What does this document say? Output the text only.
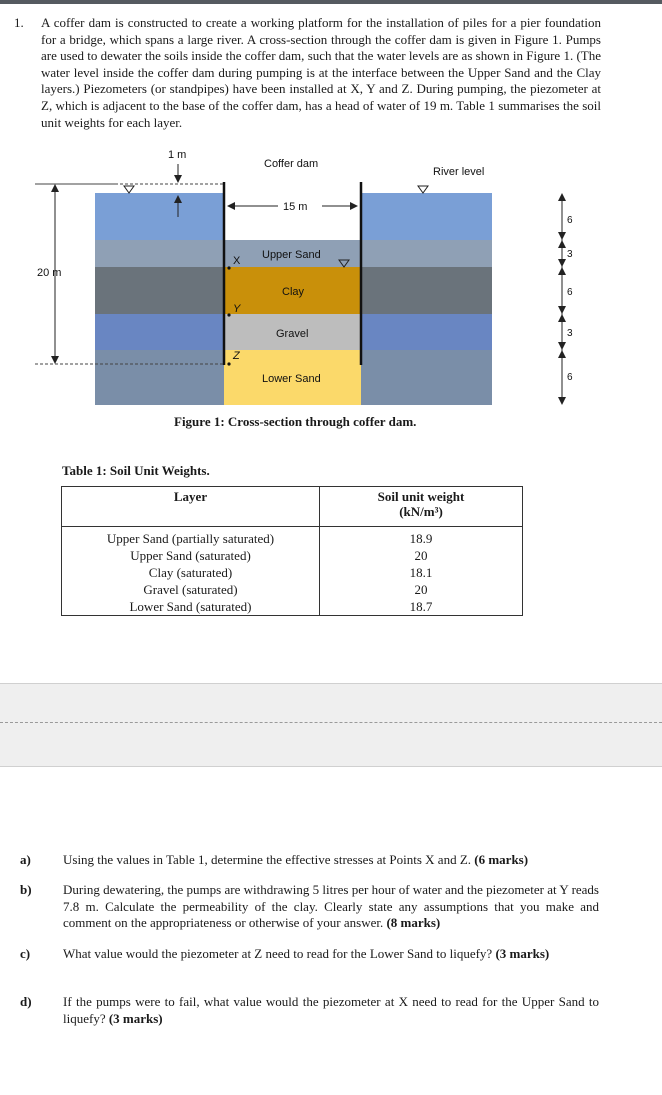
1. A coffer dam is constructed to create a working platform for the installation of piles for a pier foundation for a bridge, which spans a large river. A cross-section through the coffer dam is given in Figure 1. Pumps are used to dewater the soils inside the coffer dam, such that the water levels are as shown in Figure 1. (The water level inside the coffer dam during pumping is at the interface between the Upper Sand and the Clay layers.) Piezometers (or standpipes) have been installed at X, Y and Z. During pumping, the piezometer at Z, which is adjacent to the base of the coffer dam, has a head of water of 19 m. Table 1 summarises the soil unit weights for each layer.
1 m
Coffer dam
River level
15 m
20 m
Upper Sand
Clay
Gravel
Lower Sand
X
Y
Z
6
3
6
3
6
Figure 1: Cross-section through coffer dam.
Table 1: Soil Unit Weights.
Layer	Soil unit weight
(kN/m³)

Upper Sand (partially saturated)	18.9
Upper Sand (saturated)	20
Clay (saturated)	18.1
Gravel (saturated)	20
Lower Sand (saturated)	18.7
a) Using the values in Table 1, determine the effective stresses at Points X and Z. (6 marks)
b) During dewatering, the pumps are withdrawing 5 litres per hour of water and the piezometer at Y reads 7.8 m. Calculate the permeability of the clay. Clearly state any assumptions that you make and comment on the appropriateness or otherwise of your answer. (8 marks)
c)	What value would the piezometer at Z need to read for the Lower Sand to liquefy? (3 marks)
d) If the pumps were to fail, what value would the piezometer at X need to read for the Upper Sand to liquefy? (3 marks)
